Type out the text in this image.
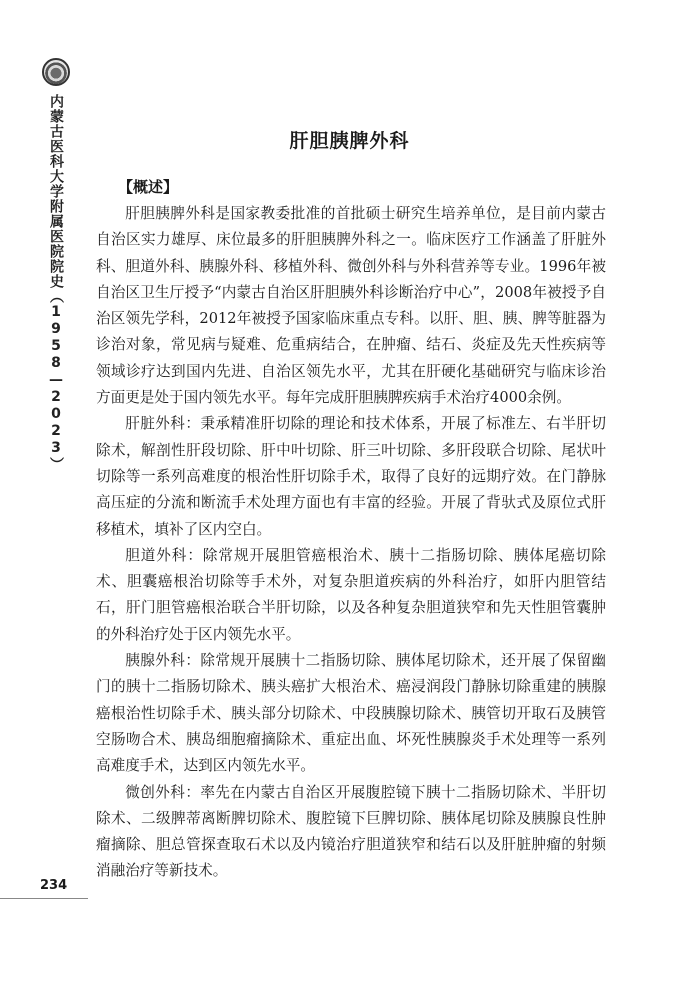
内蒙古医科大学附属医院院史（1958—2023）	肝胆胰脾外科
【概述】

肝胆胰脾外科是国家教委批准的首批硕士研究生培养单位，是目前内蒙古自治区实力雄厚、床位最多的肝胆胰脾外科之一。临床医疗工作涵盖了肝脏外科、胆道外科、胰腺外科、移植外科、微创外科与外科营养等专业。1996年被自治区卫生厅授予“内蒙古自治区肝胆胰外科诊断治疗中心”，2008年被授予自治区领先学科，2012年被授予国家临床重点专科。以肝、胆、胰、脾等脏器为诊治对象，常见病与疑难、危重病结合，在肿瘤、结石、炎症及先天性疾病等领域诊疗达到国内先进、自治区领先水平，尤其在肝硬化基础研究与临床诊治方面更是处于国内领先水平。每年完成肝胆胰脾疾病手术治疗4000余例。

肝脏外科：秉承精准肝切除的理论和技术体系，开展了标准左、右半肝切除术，解剖性肝段切除、肝中叶切除、肝三叶切除、多肝段联合切除、尾状叶切除等一系列高难度的根治性肝切除手术，取得了良好的远期疗效。在门静脉高压症的分流和断流手术处理方面也有丰富的经验。开展了背驮式及原位式肝移植术，填补了区内空白。

胆道外科：除常规开展胆管癌根治术、胰十二指肠切除、胰体尾癌切除术、胆囊癌根治切除等手术外，对复杂胆道疾病的外科治疗，如肝内胆管结石，肝门胆管癌根治联合半肝切除，以及各种复杂胆道狭窄和先天性胆管囊肿的外科治疗处于区内领先水平。

胰腺外科：除常规开展胰十二指肠切除、胰体尾切除术，还开展了保留幽门的胰十二指肠切除术、胰头癌扩大根治术、癌浸润段门静脉切除重建的胰腺癌根治性切除手术、胰头部分切除术、中段胰腺切除术、胰管切开取石及胰管空肠吻合术、胰岛细胞瘤摘除术、重症出血、坏死性胰腺炎手术处理等一系列高难度手术，达到区内领先水平。

微创外科：率先在内蒙古自治区开展腹腔镜下胰十二指肠切除术、半肝切除术、二级脾蒂离断脾切除术、腹腔镜下巨脾切除、胰体尾切除及胰腺良性肿瘤摘除、胆总管探查取石术以及内镜治疗胆道狭窄和结石以及肝脏肿瘤的射频消融治疗等新技术。

234
